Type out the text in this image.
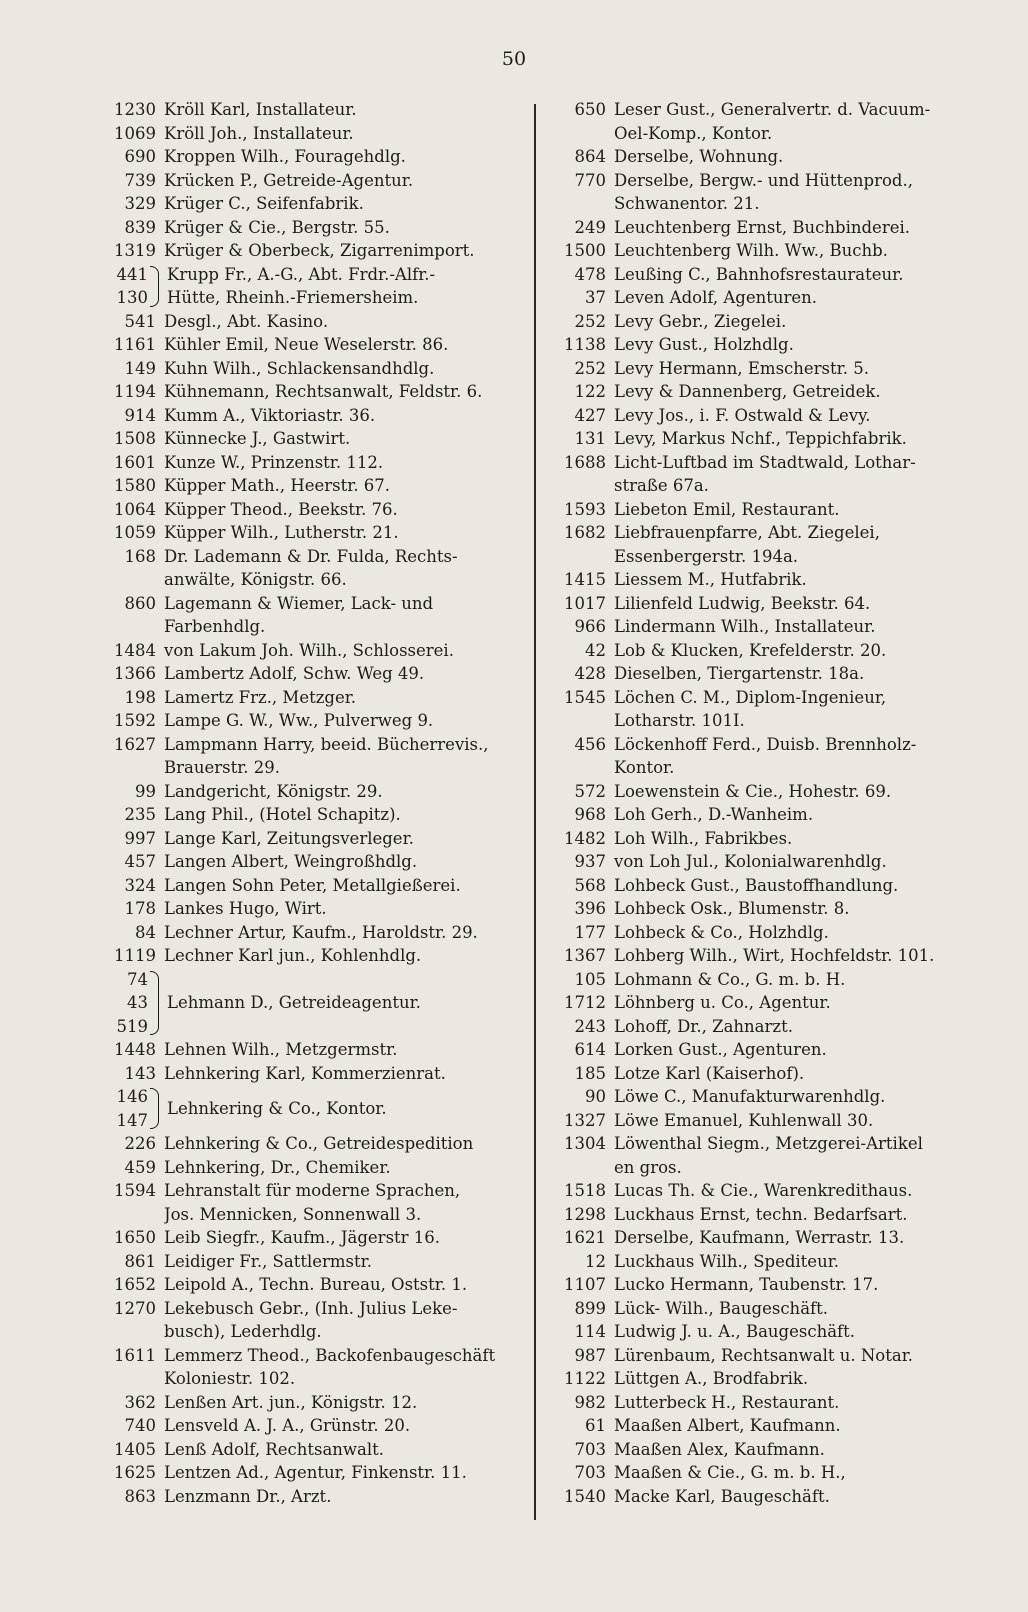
50
1230 Kröll Karl, Installateur.
1069 Kröll Joh., Installateur.
690 Kroppen Wilh., Fouragehdlg.
739 Krücken P., Getreide-Agentur.
329 Krüger C., Seifenfabrik.
839 Krüger & Cie., Bergstr. 55.
1319 Krüger & Oberbeck, Zigarrenimport.
441
130
Krupp Fr., A.-G., Abt. Frdr.-Alfr.-
Hütte, Rheinh.-Friemersheim.
541 Desgl., Abt. Kasino.
1161 Kühler Emil, Neue Weselerstr. 86.
149 Kuhn Wilh., Schlackensandhdlg.
1194 Kühnemann, Rechtsanwalt, Feldstr. 6.
914 Kumm A., Viktoriastr. 36.
1508 Künnecke J., Gastwirt.
1601 Kunze W., Prinzenstr. 112.
1580 Küpper Math., Heerstr. 67.
1064 Küpper Theod., Beekstr. 76.
1059 Küpper Wilh., Lutherstr. 21.
168 Dr. Lademann & Dr. Fulda, Rechts-
anwälte, Königstr. 66.
860 Lagemann & Wiemer, Lack- und
Farbenhdlg.
1484 von Lakum Joh. Wilh., Schlosserei.
1366 Lambertz Adolf, Schw. Weg 49.
198 Lamertz Frz., Metzger.
1592 Lampe G. W., Ww., Pulverweg 9.
1627 Lampmann Harry, beeid. Bücherrevis.,
Brauerstr. 29.
99 Landgericht, Königstr. 29.
235 Lang Phil., (Hotel Schapitz).
997 Lange Karl, Zeitungsverleger.
457 Langen Albert, Weingroßhdlg.
324 Langen Sohn Peter, Metallgießerei.
178 Lankes Hugo, Wirt.
84 Lechner Artur, Kaufm., Haroldstr. 29.
1119 Lechner Karl jun., Kohlenhdlg.
74
43
519
Lehmann D., Getreideagentur.
1448 Lehnen Wilh., Metzgermstr.
143 Lehnkering Karl, Kommerzienrat.
146
147
Lehnkering & Co., Kontor.
226 Lehnkering & Co., Getreidespedition
459 Lehnkering, Dr., Chemiker.
1594 Lehranstalt für moderne Sprachen,
Jos. Mennicken, Sonnenwall 3.
1650 Leib Siegfr., Kaufm., Jägerstr 16.
861 Leidiger Fr., Sattlermstr.
1652 Leipold A., Techn. Bureau, Oststr. 1.
1270 Lekebusch Gebr., (Inh. Julius Leke-
busch), Lederhdlg.
1611 Lemmerz Theod., Backofenbaugeschäft
Koloniestr. 102.
362 Lenßen Art. jun., Königstr. 12.
740 Lensveld A. J. A., Grünstr. 20.
1405 Lenß Adolf, Rechtsanwalt.
1625 Lentzen Ad., Agentur, Finkenstr. 11.
863 Lenzmann Dr., Arzt.
650 Leser Gust., Generalvertr. d. Vacuum-
Oel-Komp., Kontor.
864 Derselbe, Wohnung.
770 Derselbe, Bergw.- und Hüttenprod.,
Schwanentor. 21.
249 Leuchtenberg Ernst, Buchbinderei.
1500 Leuchtenberg Wilh. Ww., Buchb.
478 Leußing C., Bahnhofsrestaurateur.
37 Leven Adolf, Agenturen.
252 Levy Gebr., Ziegelei.
1138 Levy Gust., Holzhdlg.
252 Levy Hermann, Emscherstr. 5.
122 Levy & Dannenberg, Getreidek.
427 Levy Jos., i. F. Ostwald & Levy.
131 Levy, Markus Nchf., Teppichfabrik.
1688 Licht-Luftbad im Stadtwald, Lothar-
straße 67a.
1593 Liebeton Emil, Restaurant.
1682 Liebfrauenpfarre, Abt. Ziegelei,
Essenbergerstr. 194a.
1415 Liessem M., Hutfabrik.
1017 Lilienfeld Ludwig, Beekstr. 64.
966 Lindermann Wilh., Installateur.
42 Lob & Klucken, Krefelderstr. 20.
428 Dieselben, Tiergartenstr. 18a.
1545 Löchen C. M., Diplom-Ingenieur,
Lotharstr. 101I.
456 Löckenhoff Ferd., Duisb. Brennholz-
Kontor.
572 Loewenstein & Cie., Hohestr. 69.
968 Loh Gerh., D.-Wanheim.
1482 Loh Wilh., Fabrikbes.
937 von Loh Jul., Kolonialwarenhdlg.
568 Lohbeck Gust., Baustoffhandlung.
396 Lohbeck Osk., Blumenstr. 8.
177 Lohbeck & Co., Holzhdlg.
1367 Lohberg Wilh., Wirt, Hochfeldstr. 101.
105 Lohmann & Co., G. m. b. H.
1712 Löhnberg u. Co., Agentur.
243 Lohoff, Dr., Zahnarzt.
614 Lorken Gust., Agenturen.
185 Lotze Karl (Kaiserhof).
90 Löwe C., Manufakturwarenhdlg.
1327 Löwe Emanuel, Kuhlenwall 30.
1304 Löwenthal Siegm., Metzgerei-Artikel
en gros.
1518 Lucas Th. & Cie., Warenkredithaus.
1298 Luckhaus Ernst, techn. Bedarfsart.
1621 Derselbe, Kaufmann, Werrastr. 13.
12 Luckhaus Wilh., Spediteur.
1107 Lucko Hermann, Taubenstr. 17.
899 Lück- Wilh., Baugeschäft.
114 Ludwig J. u. A., Baugeschäft.
987 Lürenbaum, Rechtsanwalt u. Notar.
1122 Lüttgen A., Brodfabrik.
982 Lutterbeck H., Restaurant.
61 Maaßen Albert, Kaufmann.
703 Maaßen Alex, Kaufmann.
703 Maaßen & Cie., G. m. b. H.,
1540 Macke Karl, Baugeschäft.
